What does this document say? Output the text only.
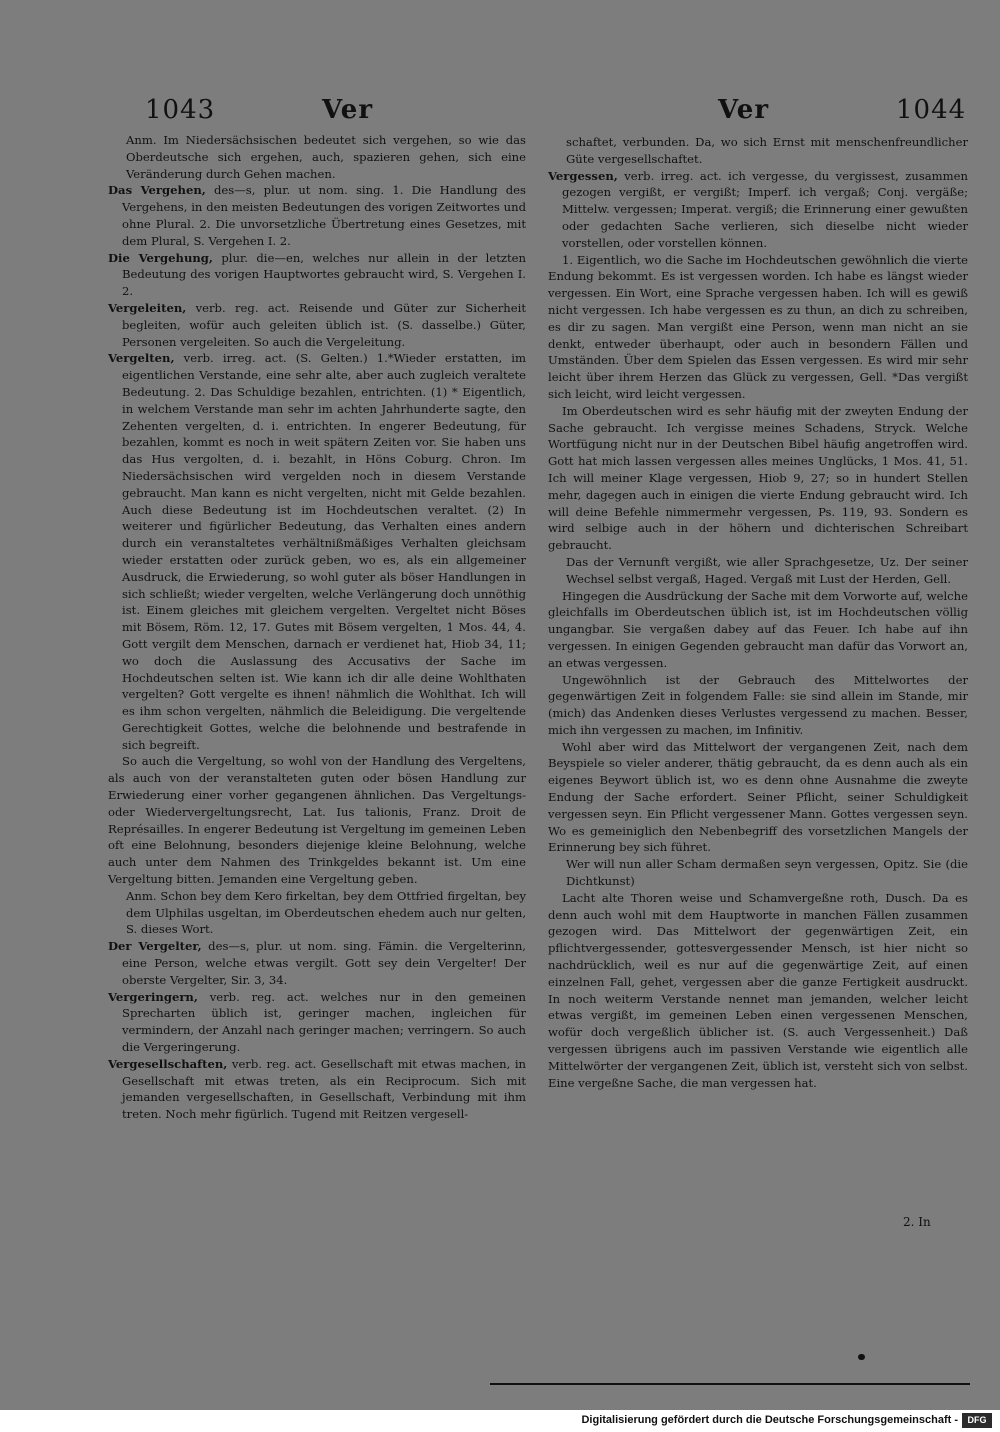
1043	Ver	Ver	1044

Anm. Im Niedersächsischen bedeutet sich vergehen, so wie das Oberdeutsche sich ergehen, auch, spazieren gehen, sich eine Veränderung durch Gehen machen.

Das Vergehen, des—s, plur. ut nom. sing. 1. Die Handlung des Vergehens, in den meisten Bedeutungen des vorigen Zeitwortes und ohne Plural. 2. Die unvorsetzliche Übertretung eines Gesetzes, mit dem Plural, S. Vergehen I. 2.

Die Vergehung, plur. die—en, welches nur allein in der letzten Bedeutung des vorigen Hauptwortes gebraucht wird, S. Vergehen I. 2.

Vergeleiten, verb. reg. act. Reisende und Güter zur Sicherheit begleiten, wofür auch geleiten üblich ist. (S. dasselbe.) Güter, Personen vergeleiten. So auch die Vergeleitung.

Vergelten, verb. irreg. act. (S. Gelten.) 1.*Wieder erstatten, im eigentlichen Verstande, eine sehr alte, aber auch zugleich veraltete Bedeutung. 2. Das Schuldige bezahlen, entrichten. (1) * Eigentlich, in welchem Verstande man sehr im achten Jahrhunderte sagte, den Zehenten vergelten, d. i. entrichten. In engerer Bedeutung, für bezahlen, kommt es noch in weit spätern Zeiten vor. Sie haben uns das Hus vergolten, d. i. bezahlt, in Höns Coburg. Chron. Im Niedersächsischen wird vergelden noch in diesem Verstande gebraucht. Man kann es nicht vergelten, nicht mit Gelde bezahlen. Auch diese Bedeutung ist im Hochdeutschen veraltet. (2) In weiterer und figürlicher Bedeutung, das Verhalten eines andern durch ein veranstaltetes verhältnißmäßiges Verhalten gleichsam wieder erstatten oder zurück geben, wo es, als ein allgemeiner Ausdruck, die Erwiederung, so wohl guter als böser Handlungen in sich schließt; wieder vergelten, welche Verlängerung doch unnöthig ist. Einem gleiches mit gleichem vergelten. Vergeltet nicht Böses mit Bösem, Röm. 12, 17. Gutes mit Bösem vergelten, 1 Mos. 44, 4. Gott vergilt dem Menschen, darnach er verdienet hat, Hiob 34, 11; wo doch die Auslassung des Accusativs der Sache im Hochdeutschen selten ist. Wie kann ich dir alle deine Wohlthaten vergelten? Gott vergelte es ihnen! nähmlich die Wohlthat. Ich will es ihm schon vergelten, nähmlich die Beleidigung. Die vergeltende Gerechtigkeit Gottes, welche die belohnende und bestrafende in sich begreift.

So auch die Vergeltung, so wohl von der Handlung des Vergeltens, als auch von der veranstalteten guten oder bösen Handlung zur Erwiederung einer vorher gegangenen ähnlichen. Das Vergeltungs- oder Wiedervergeltungsrecht, Lat. Ius talionis, Franz. Droit de Représailles. In engerer Bedeutung ist Vergeltung im gemeinen Leben oft eine Belohnung, besonders diejenige kleine Belohnung, welche auch unter dem Nahmen des Trinkgeldes bekannt ist. Um eine Vergeltung bitten. Jemanden eine Vergeltung geben.

Anm. Schon bey dem Kero firkeltan, bey dem Ottfried firgeltan, bey dem Ulphilas usgeltan, im Oberdeutschen ehedem auch nur gelten, S. dieses Wort.

Der Vergelter, des—s, plur. ut nom. sing. Fämin. die Vergelterinn, eine Person, welche etwas vergilt. Gott sey dein Vergelter! Der oberste Vergelter, Sir. 3, 34.

Vergeringern, verb. reg. act. welches nur in den gemeinen Sprecharten üblich ist, geringer machen, ingleichen für vermindern, der Anzahl nach geringer machen; verringern. So auch die Vergeringerung.

Vergesellschaften, verb. reg. act. Gesellschaft mit etwas machen, in Gesellschaft mit etwas treten, als ein Reciprocum. Sich mit jemanden vergesellschaften, in Gesellschaft, Verbindung mit ihm treten. Noch mehr figürlich. Tugend mit Reitzen vergesell-

schaftet, verbunden. Da, wo sich Ernst mit menschenfreundlicher Güte vergesellschaftet.

Vergessen, verb. irreg. act. ich vergesse, du vergissest, zusammen gezogen vergißt, er vergißt; Imperf. ich vergaß; Conj. vergäße; Mittelw. vergessen; Imperat. vergiß; die Erinnerung einer gewußten oder gedachten Sache verlieren, sich dieselbe nicht wieder vorstellen, oder vorstellen können.

1. Eigentlich, wo die Sache im Hochdeutschen gewöhnlich die vierte Endung bekommt. Es ist vergessen worden. Ich habe es längst wieder vergessen. Ein Wort, eine Sprache vergessen haben. Ich will es gewiß nicht vergessen. Ich habe vergessen es zu thun, an dich zu schreiben, es dir zu sagen. Man vergißt eine Person, wenn man nicht an sie denkt, entweder überhaupt, oder auch in besondern Fällen und Umständen. Über dem Spielen das Essen vergessen. Es wird mir sehr leicht über ihrem Herzen das Glück zu vergessen, Gell. *Das vergißt sich leicht, wird leicht vergessen.

Im Oberdeutschen wird es sehr häufig mit der zweyten Endung der Sache gebraucht. Ich vergisse meines Schadens, Stryck. Welche Wortfügung nicht nur in der Deutschen Bibel häufig angetroffen wird. Gott hat mich lassen vergessen alles meines Unglücks, 1 Mos. 41, 51. Ich will meiner Klage vergessen, Hiob 9, 27; so in hundert Stellen mehr, dagegen auch in einigen die vierte Endung gebraucht wird. Ich will deine Befehle nimmermehr vergessen, Ps. 119, 93. Sondern es wird selbige auch in der höhern und dichterischen Schreibart gebraucht.

Das der Vernunft vergißt, wie aller Sprachgesetze, Uz. Der seiner Wechsel selbst vergaß, Haged. Vergaß mit Lust der Herden, Gell.

Hingegen die Ausdrückung der Sache mit dem Vorworte auf, welche gleichfalls im Oberdeutschen üblich ist, ist im Hochdeutschen völlig ungangbar. Sie vergaßen dabey auf das Feuer. Ich habe auf ihn vergessen. In einigen Gegenden gebraucht man dafür das Vorwort an, an etwas vergessen.

Ungewöhnlich ist der Gebrauch des Mittelwortes der gegenwärtigen Zeit in folgendem Falle: sie sind allein im Stande, mir (mich) das Andenken dieses Verlustes vergessend zu machen. Besser, mich ihn vergessen zu machen, im Infinitiv.

Wohl aber wird das Mittelwort der vergangenen Zeit, nach dem Beyspiele so vieler anderer, thätig gebraucht, da es denn auch als ein eigenes Beywort üblich ist, wo es denn ohne Ausnahme die zweyte Endung der Sache erfordert. Seiner Pflicht, seiner Schuldigkeit vergessen seyn. Ein Pflicht vergessener Mann. Gottes vergessen seyn. Wo es gemeiniglich den Nebenbegriff des vorsetzlichen Mangels der Erinnerung bey sich führet.

Wer will nun aller Scham dermaßen seyn vergessen, Opitz. Sie (die Dichtkunst)

Lacht alte Thoren weise und Schamvergeßne roth, Dusch. Da es denn auch wohl mit dem Hauptworte in manchen Fällen zusammen gezogen wird. Das Mittelwort der gegenwärtigen Zeit, ein pflichtvergessender, gottesvergessender Mensch, ist hier nicht so nachdrücklich, weil es nur auf die gegenwärtige Zeit, auf einen einzelnen Fall, gehet, vergessen aber die ganze Fertigkeit ausdruckt. In noch weiterm Verstande nennet man jemanden, welcher leicht etwas vergißt, im gemeinen Leben einen vergessenen Menschen, wofür doch vergeßlich üblicher ist. (S. auch Vergessenheit.) Daß vergessen übrigens auch im passiven Verstande wie eigentlich alle Mittelwörter der vergangenen Zeit, üblich ist, versteht sich von selbst. Eine vergeßne Sache, die man vergessen hat.

2. In
Digitalisierung gefördert durch die Deutsche Forschungsgemeinschaft -	DFG
